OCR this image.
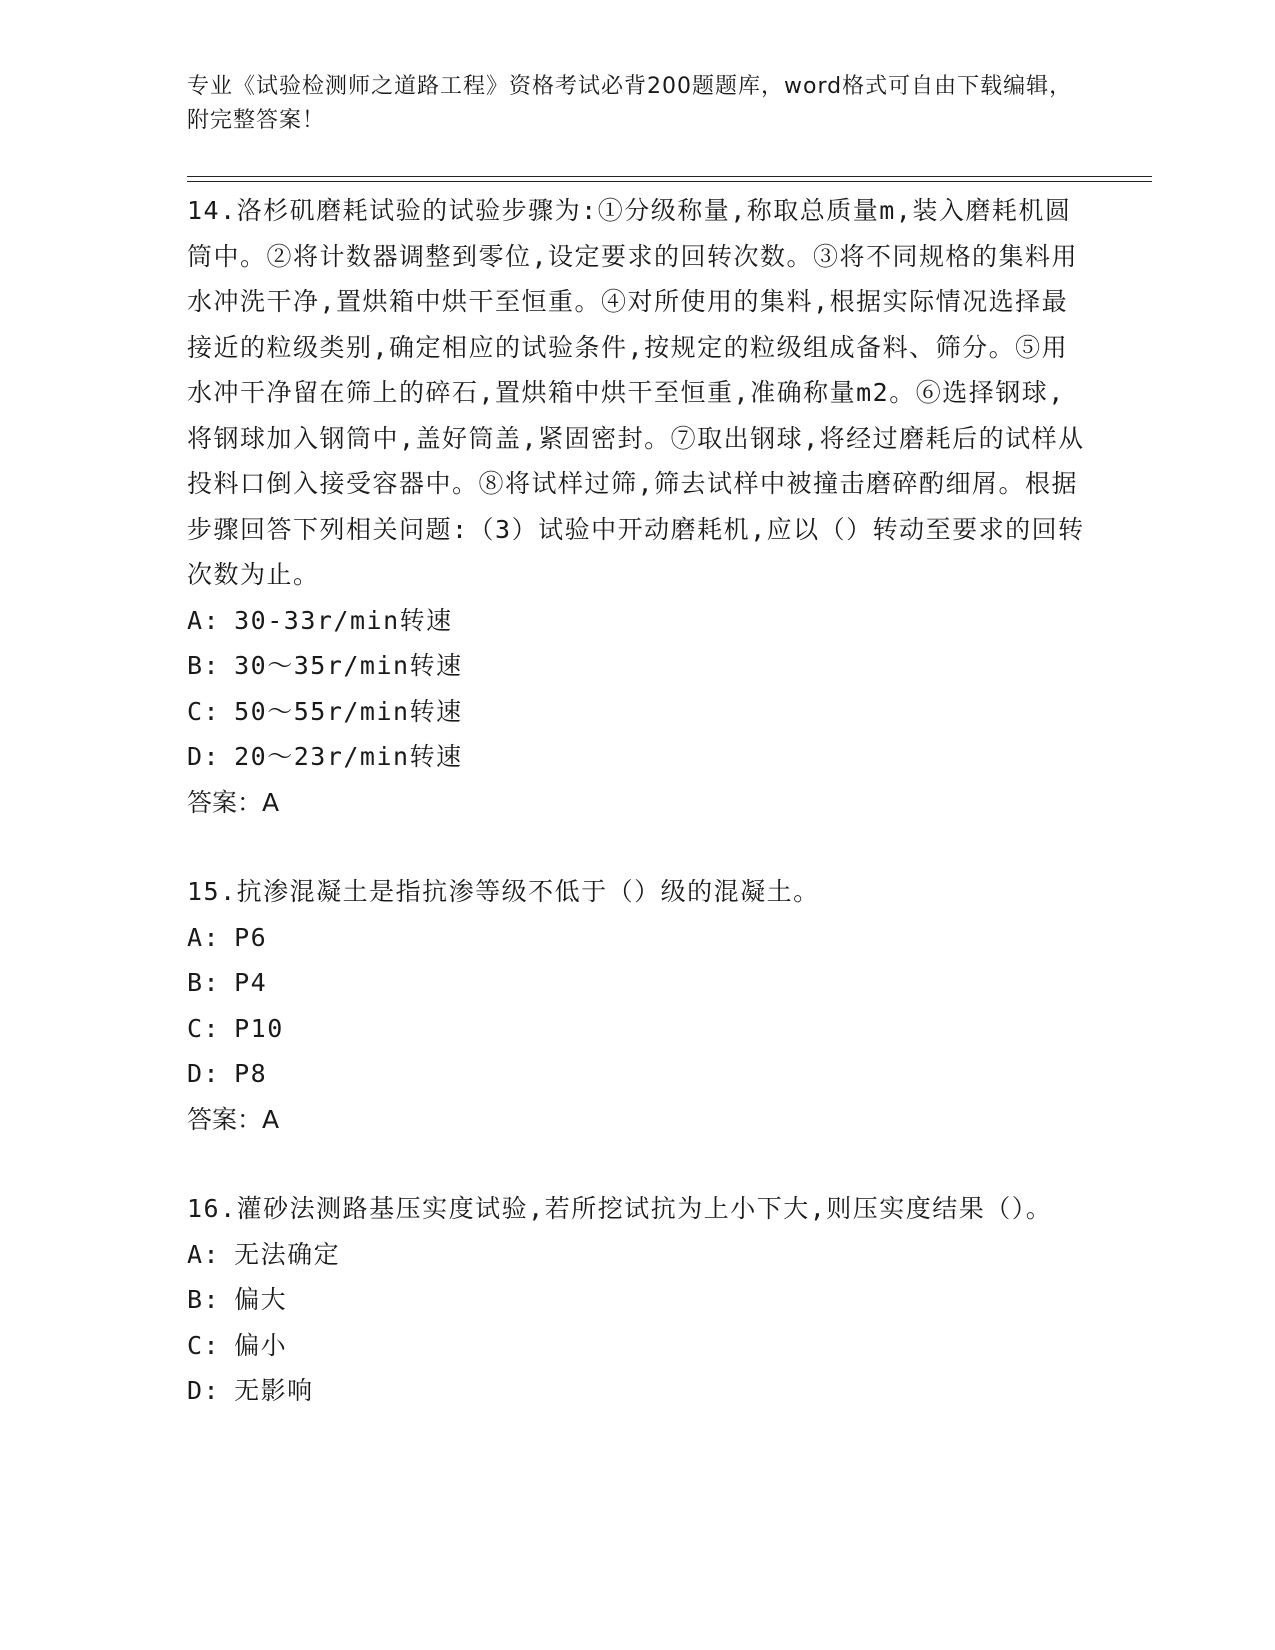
专业《试验检测师之道路工程》资格考试必背200题题库，word格式可自由下载编辑，附完整答案！

14.洛杉矶磨耗试验的试验步骤为:①分级称量,称取总质量m,装入磨耗机圆筒中。②将计数器调整到零位,设定要求的回转次数。③将不同规格的集料用水冲洗干净,置烘箱中烘干至恒重。④对所使用的集料,根据实际情况选择最接近的粒级类别,确定相应的试验条件,按规定的粒级组成备料、筛分。⑤用水冲干净留在筛上的碎石,置烘箱中烘干至恒重,准确称量m2。⑥选择钢球,将钢球加入钢筒中,盖好筒盖,紧固密封。⑦取出钢球,将经过磨耗后的试样从投料口倒入接受容器中。⑧将试样过筛,筛去试样中被撞击磨碎酌细屑。根据步骤回答下列相关问题:（3）试验中开动磨耗机,应以（）转动至要求的回转次数为止。

A: 30-33r/min转速
B: 30～35r/min转速
C: 50～55r/min转速
D: 20～23r/min转速

答案：A

15.抗渗混凝土是指抗渗等级不低于（）级的混凝土。

A: P6
B: P4
C: P10
D: P8

答案：A

16.灌砂法测路基压实度试验,若所挖试抗为上小下大,则压实度结果（）。

A: 无法确定
B: 偏大
C: 偏小
D: 无影响
